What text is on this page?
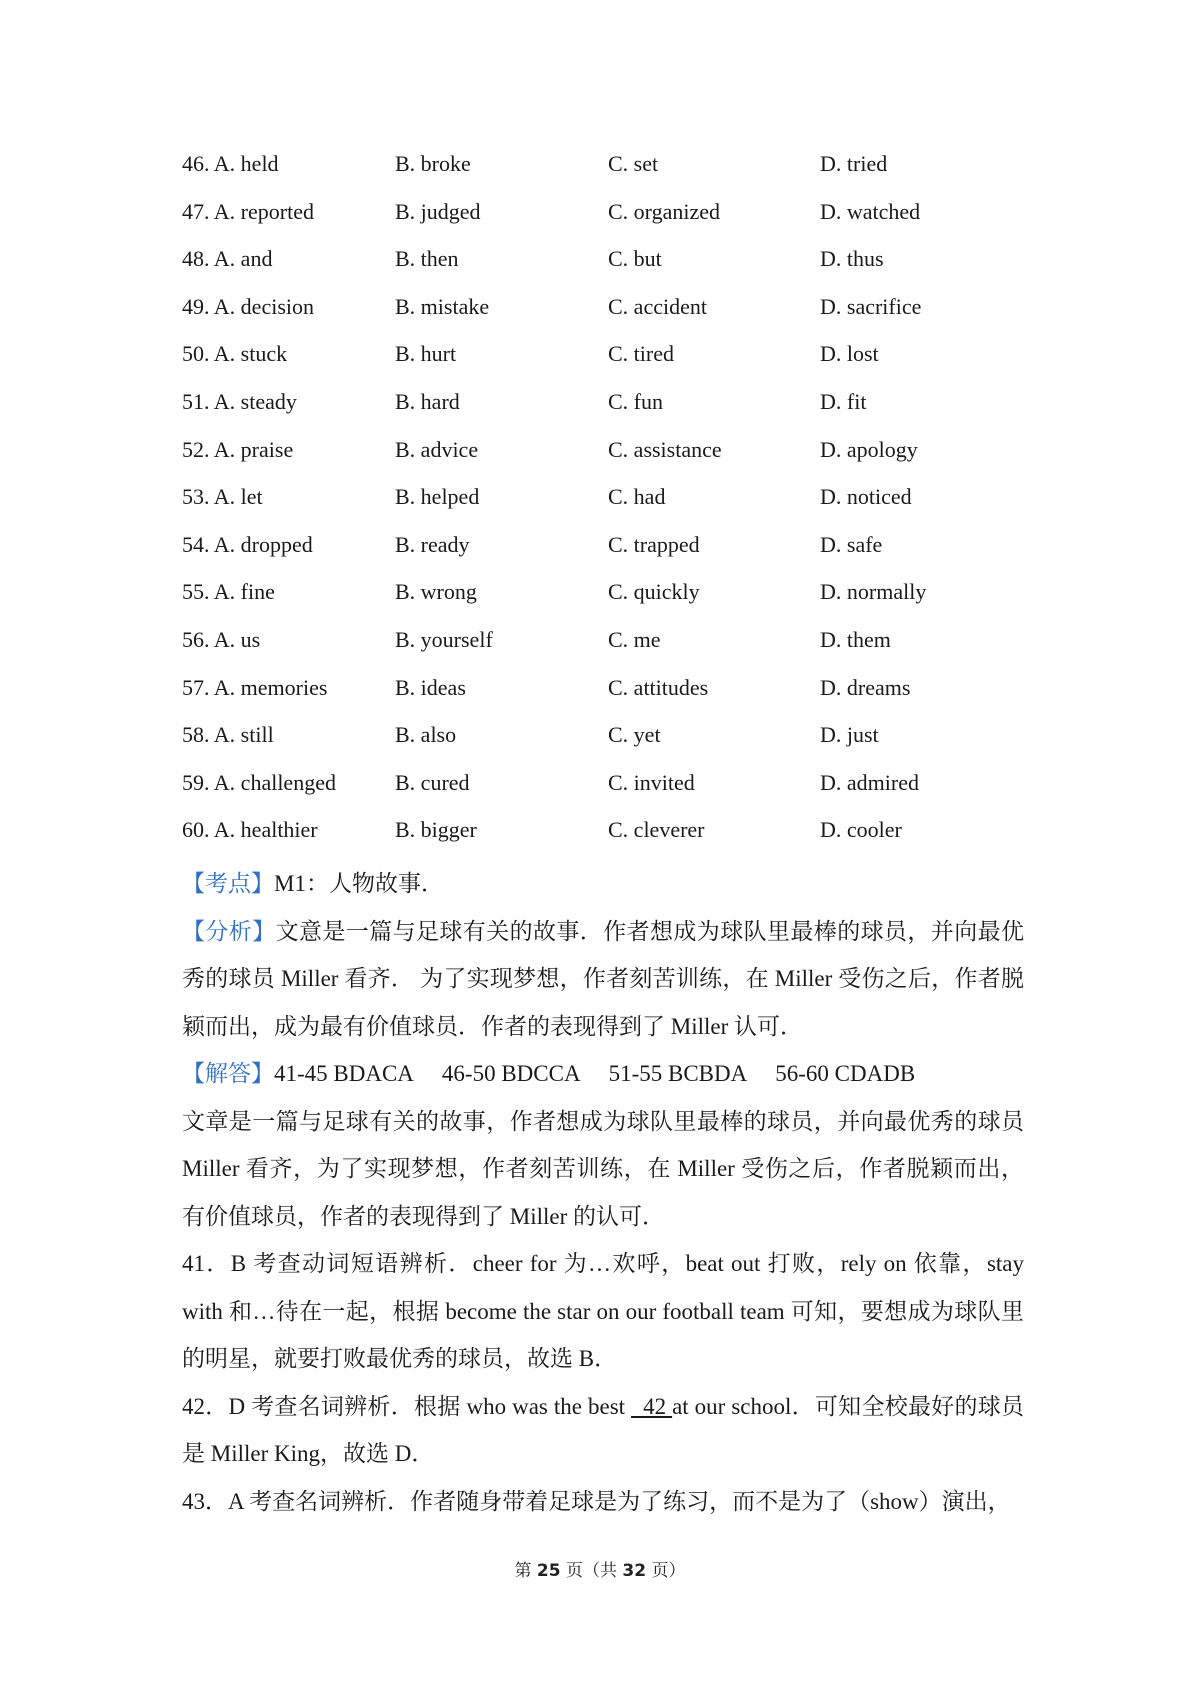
46. A. held	B. broke	C. set	D. tried
47. A. reported	B. judged	C. organized	D. watched
48. A. and	B. then	C. but	D. thus
49. A. decision	B. mistake	C. accident	D. sacrifice
50. A. stuck	B. hurt	C. tired	D. lost
51. A. steady	B. hard	C. fun	D. fit
52. A. praise	B. advice	C. assistance	D. apology
53. A. let	B. helped	C. had	D. noticed
54. A. dropped	B. ready	C. trapped	D. safe
55. A. fine	B. wrong	C. quickly	D. normally
56. A. us	B. yourself	C. me	D. them
57. A. memories	B. ideas	C. attitudes	D. dreams
58. A. still	B. also	C. yet	D. just
59. A. challenged	B. cured	C. invited	D. admired
60. A. healthier	B. bigger	C. cleverer	D. cooler

【考点】M1：人物故事．

【分析】文意是一篇与足球有关的故事．作者想成为球队里最棒的球员，并向最优秀的球员 Miller 看齐． 为了实现梦想，作者刻苦训练，在 Miller 受伤之后，作者脱颖而出，成为最有价值球员．作者的表现得到了 Miller 认可．

【解答】41-45 BDACA 46-50 BDCCA 51-55 BCBDA 56-60 CDADB

文章是一篇与足球有关的故事，作者想成为球队里最棒的球员，并向最优秀的球员 Miller 看齐，为了实现梦想，作者刻苦训练，在 Miller 受伤之后，作者脱颖而出，有价值球员，作者的表现得到了 Miller 的认可．

41．B 考查动词短语辨析．cheer for 为…欢呼，beat out 打败，rely on 依靠，stay with 和…待在一起，根据 become the star on our football team 可知，要想成为球队里的明星，就要打败最优秀的球员，故选 B．

42．D 考查名词辨析．根据 who was the best   42 at our school．可知全校最好的球员是 Miller King，故选 D．

43．A 考查名词辨析．作者随身带着足球是为了练习，而不是为了（show）演出，

第 25 页（共 32 页）
